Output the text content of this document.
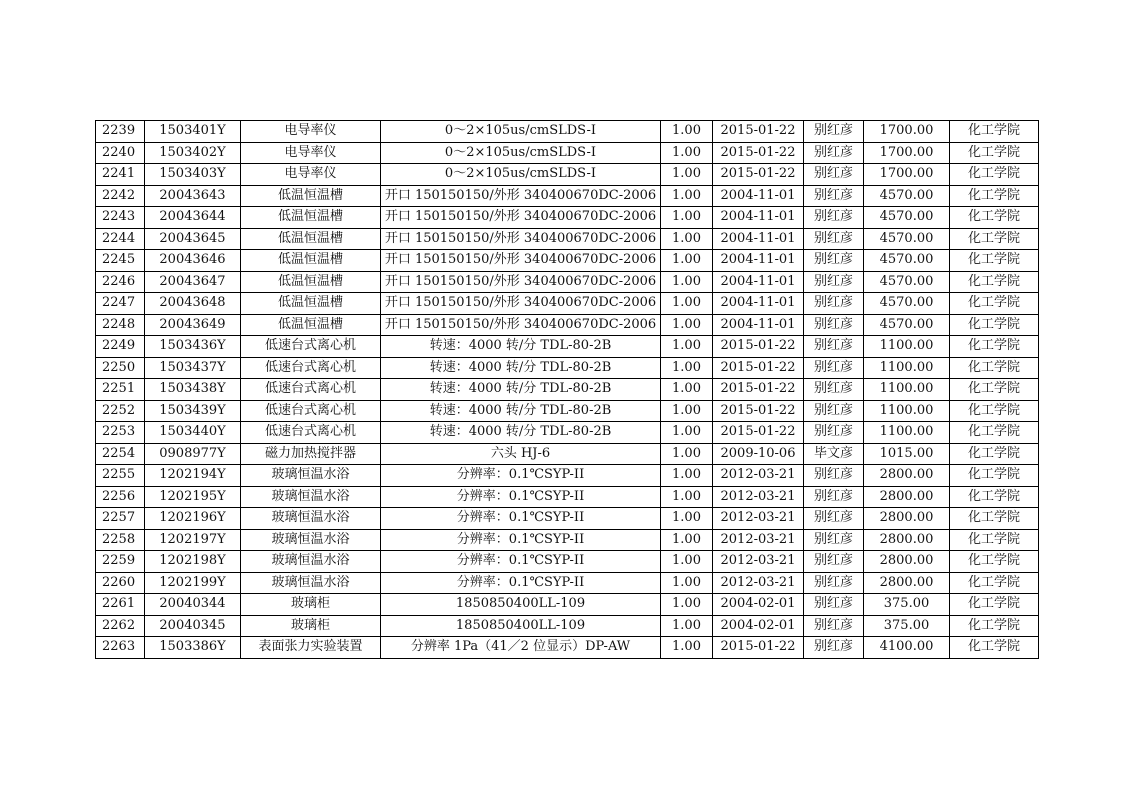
2239	1503401Y	电导率仪	0～2×105us/cmSLDS-Ⅰ	1.00	2015-01-22	别红彦	1700.00	化工学院
2240	1503402Y	电导率仪	0～2×105us/cmSLDS-Ⅰ	1.00	2015-01-22	别红彦	1700.00	化工学院
2241	1503403Y	电导率仪	0～2×105us/cmSLDS-Ⅰ	1.00	2015-01-22	别红彦	1700.00	化工学院
2242	20043643	低温恒温槽	开口 150150150/外形 340400670DC-2006	1.00	2004-11-01	别红彦	4570.00	化工学院
2243	20043644	低温恒温槽	开口 150150150/外形 340400670DC-2006	1.00	2004-11-01	别红彦	4570.00	化工学院
2244	20043645	低温恒温槽	开口 150150150/外形 340400670DC-2006	1.00	2004-11-01	别红彦	4570.00	化工学院
2245	20043646	低温恒温槽	开口 150150150/外形 340400670DC-2006	1.00	2004-11-01	别红彦	4570.00	化工学院
2246	20043647	低温恒温槽	开口 150150150/外形 340400670DC-2006	1.00	2004-11-01	别红彦	4570.00	化工学院
2247	20043648	低温恒温槽	开口 150150150/外形 340400670DC-2006	1.00	2004-11-01	别红彦	4570.00	化工学院
2248	20043649	低温恒温槽	开口 150150150/外形 340400670DC-2006	1.00	2004-11-01	别红彦	4570.00	化工学院
2249	1503436Y	低速台式离心机	转速：4000 转/分 TDL-80-2B	1.00	2015-01-22	别红彦	1100.00	化工学院
2250	1503437Y	低速台式离心机	转速：4000 转/分 TDL-80-2B	1.00	2015-01-22	别红彦	1100.00	化工学院
2251	1503438Y	低速台式离心机	转速：4000 转/分 TDL-80-2B	1.00	2015-01-22	别红彦	1100.00	化工学院
2252	1503439Y	低速台式离心机	转速：4000 转/分 TDL-80-2B	1.00	2015-01-22	别红彦	1100.00	化工学院
2253	1503440Y	低速台式离心机	转速：4000 转/分 TDL-80-2B	1.00	2015-01-22	别红彦	1100.00	化工学院
2254	0908977Y	磁力加热搅拌器	六头 HJ-6	1.00	2009-10-06	毕文彦	1015.00	化工学院
2255	1202194Y	玻璃恒温水浴	分辨率：0.1℃SYP-II	1.00	2012-03-21	别红彦	2800.00	化工学院
2256	1202195Y	玻璃恒温水浴	分辨率：0.1℃SYP-II	1.00	2012-03-21	别红彦	2800.00	化工学院
2257	1202196Y	玻璃恒温水浴	分辨率：0.1℃SYP-II	1.00	2012-03-21	别红彦	2800.00	化工学院
2258	1202197Y	玻璃恒温水浴	分辨率：0.1℃SYP-II	1.00	2012-03-21	别红彦	2800.00	化工学院
2259	1202198Y	玻璃恒温水浴	分辨率：0.1℃SYP-II	1.00	2012-03-21	别红彦	2800.00	化工学院
2260	1202199Y	玻璃恒温水浴	分辨率：0.1℃SYP-II	1.00	2012-03-21	别红彦	2800.00	化工学院
2261	20040344	玻璃柜	1850850400LL-109	1.00	2004-02-01	别红彦	375.00	化工学院
2262	20040345	玻璃柜	1850850400LL-109	1.00	2004-02-01	别红彦	375.00	化工学院
2263	1503386Y	表面张力实验装置	分辨率 1Pa（41／2 位显示）DP-AW	1.00	2015-01-22	别红彦	4100.00	化工学院
